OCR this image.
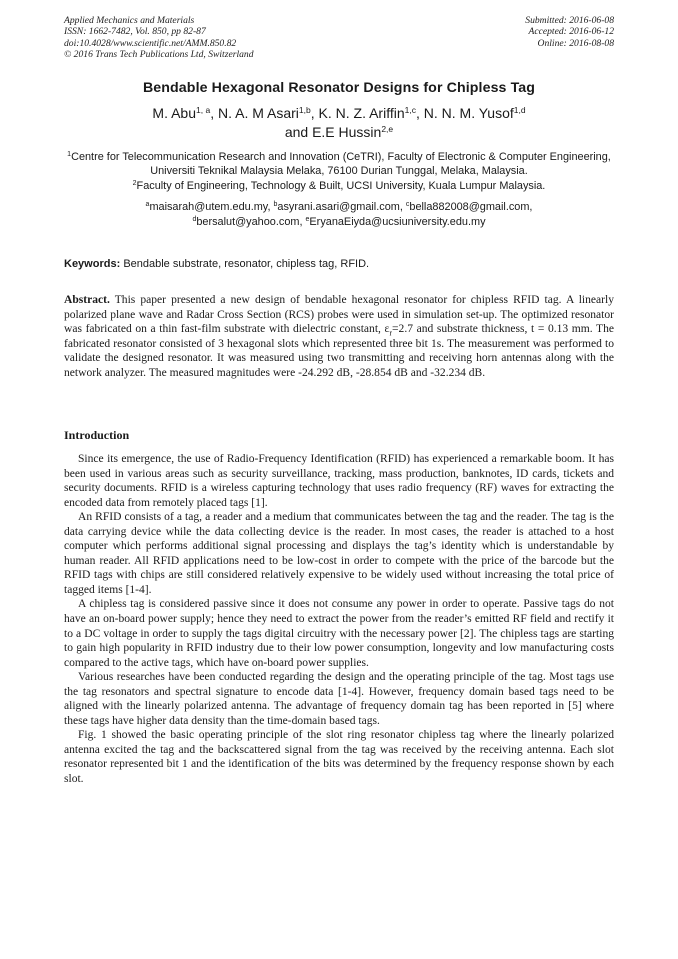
Applied Mechanics and Materials
ISSN: 1662-7482, Vol. 850, pp 82-87
doi:10.4028/www.scientific.net/AMM.850.82
© 2016 Trans Tech Publications Ltd, Switzerland
Submitted: 2016-06-08
Accepted: 2016-06-12
Online: 2016-08-08
Bendable Hexagonal Resonator Designs for Chipless Tag
M. Abu$^{1, a}$, N. A. M Asari$^{1,b}$, K. N. Z. Ariffin$^{1,c}$, N. N. M. Yusof$^{1,d}$
and E.E Hussin$^{2,e}$
$^1$Centre for Telecommunication Research and Innovation (CeTRI), Faculty of Electronic & Computer Engineering, Universiti Teknikal Malaysia Melaka, 76100 Durian Tunggal, Melaka, Malaysia.
$^2$Faculty of Engineering, Technology & Built, UCSI University, Kuala Lumpur Malaysia.
$^a$maisarah@utem.edu.my, $^b$asyrani.asari@gmail.com, $^c$bella882008@gmail.com,
$^d$bersalut@yahoo.com, $^e$EryanaEiyda@ucsiuniversity.edu.my
Keywords: Bendable substrate, resonator, chipless tag, RFID.
Abstract. This paper presented a new design of bendable hexagonal resonator for chipless RFID tag. A linearly polarized plane wave and Radar Cross Section (RCS) probes were used in simulation set-up. The optimized resonator was fabricated on a thin fast-film substrate with dielectric constant, $\varepsilon_r=2.7$ and substrate thickness, t = 0.13 mm. The fabricated resonator consisted of 3 hexagonal slots which represented three bit 1s. The measurement was performed to validate the designed resonator. It was measured using two transmitting and receiving horn antennas along with the network analyzer. The measured magnitudes were -24.292 dB, -28.854 dB and -32.234 dB.
Introduction

Since its emergence, the use of Radio-Frequency Identification (RFID) has experienced a remarkable boom. It has been used in various areas such as security surveillance, tracking, mass production, banknotes, ID cards, tickets and security documents. RFID is a wireless capturing technology that uses radio frequency (RF) waves for extracting the encoded data from remotely placed tags [1].

An RFID consists of a tag, a reader and a medium that communicates between the tag and the reader. The tag is the data carrying device while the data collecting device is the reader. In most cases, the reader is attached to a host computer which performs additional signal processing and displays the tag’s identity which is understandable by human reader. All RFID applications need to be low-cost in order to compete with the price of the barcode but the RFID tags with chips are still considered relatively expensive to be widely used without increasing the total price of tagged items [1-4].

A chipless tag is considered passive since it does not consume any power in order to operate. Passive tags do not have an on-board power supply; hence they need to extract the power from the reader’s emitted RF field and rectify it to a DC voltage in order to supply the tags digital circuitry with the necessary power [2]. The chipless tags are starting to gain high popularity in RFID industry due to their low power consumption, longevity and low manufacturing costs compared to the active tags, which have on-board power supplies.

Various researches have been conducted regarding the design and the operating principle of the tag. Most tags use the tag resonators and spectral signature to encode data [1-4]. However, frequency domain based tags need to be aligned with the linearly polarized antenna. The advantage of frequency domain tag has been reported in [5] where these tags have higher data density than the time-domain based tags.

Fig. 1 showed the basic operating principle of the slot ring resonator chipless tag where the linearly polarized antenna excited the tag and the backscattered signal from the tag was received by the receiving antenna. Each slot resonator represented bit 1 and the identification of the bits was determined by the frequency response shown by each slot.
